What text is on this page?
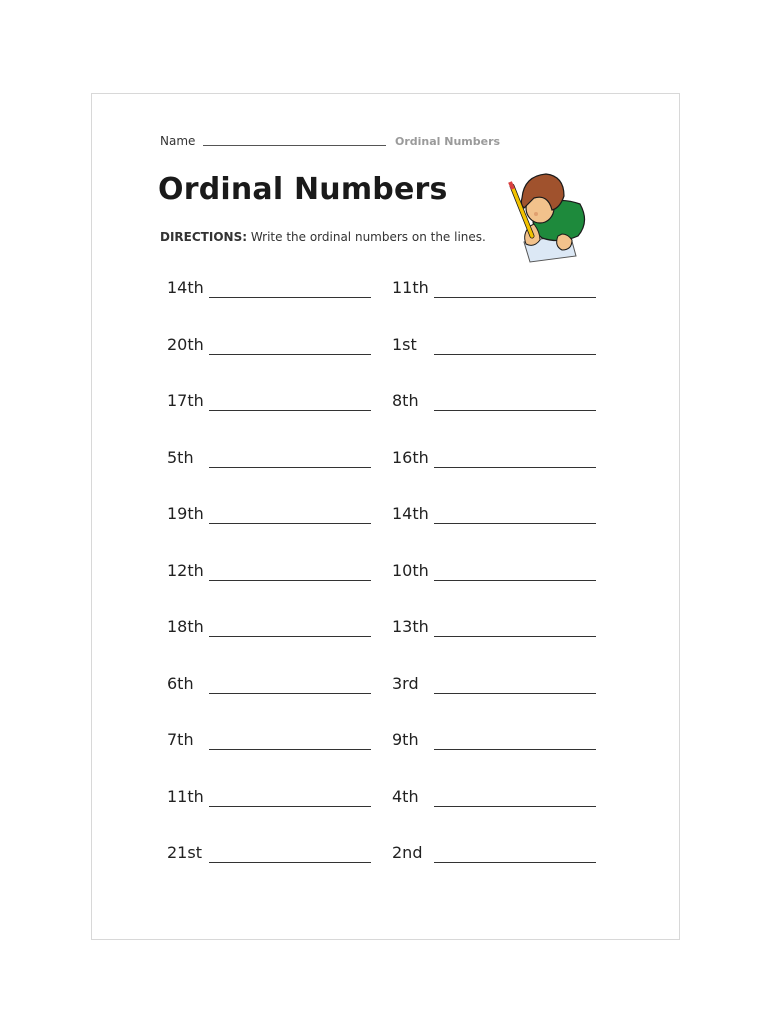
Name	Ordinal Numbers
Ordinal Numbers
DIRECTIONS: Write the ordinal numbers on the lines.
14th	11th
20th	1st
17th	8th
5th	16th
19th	14th
12th	10th
18th	13th
6th	3rd
7th	9th
11th	4th
21st	2nd
